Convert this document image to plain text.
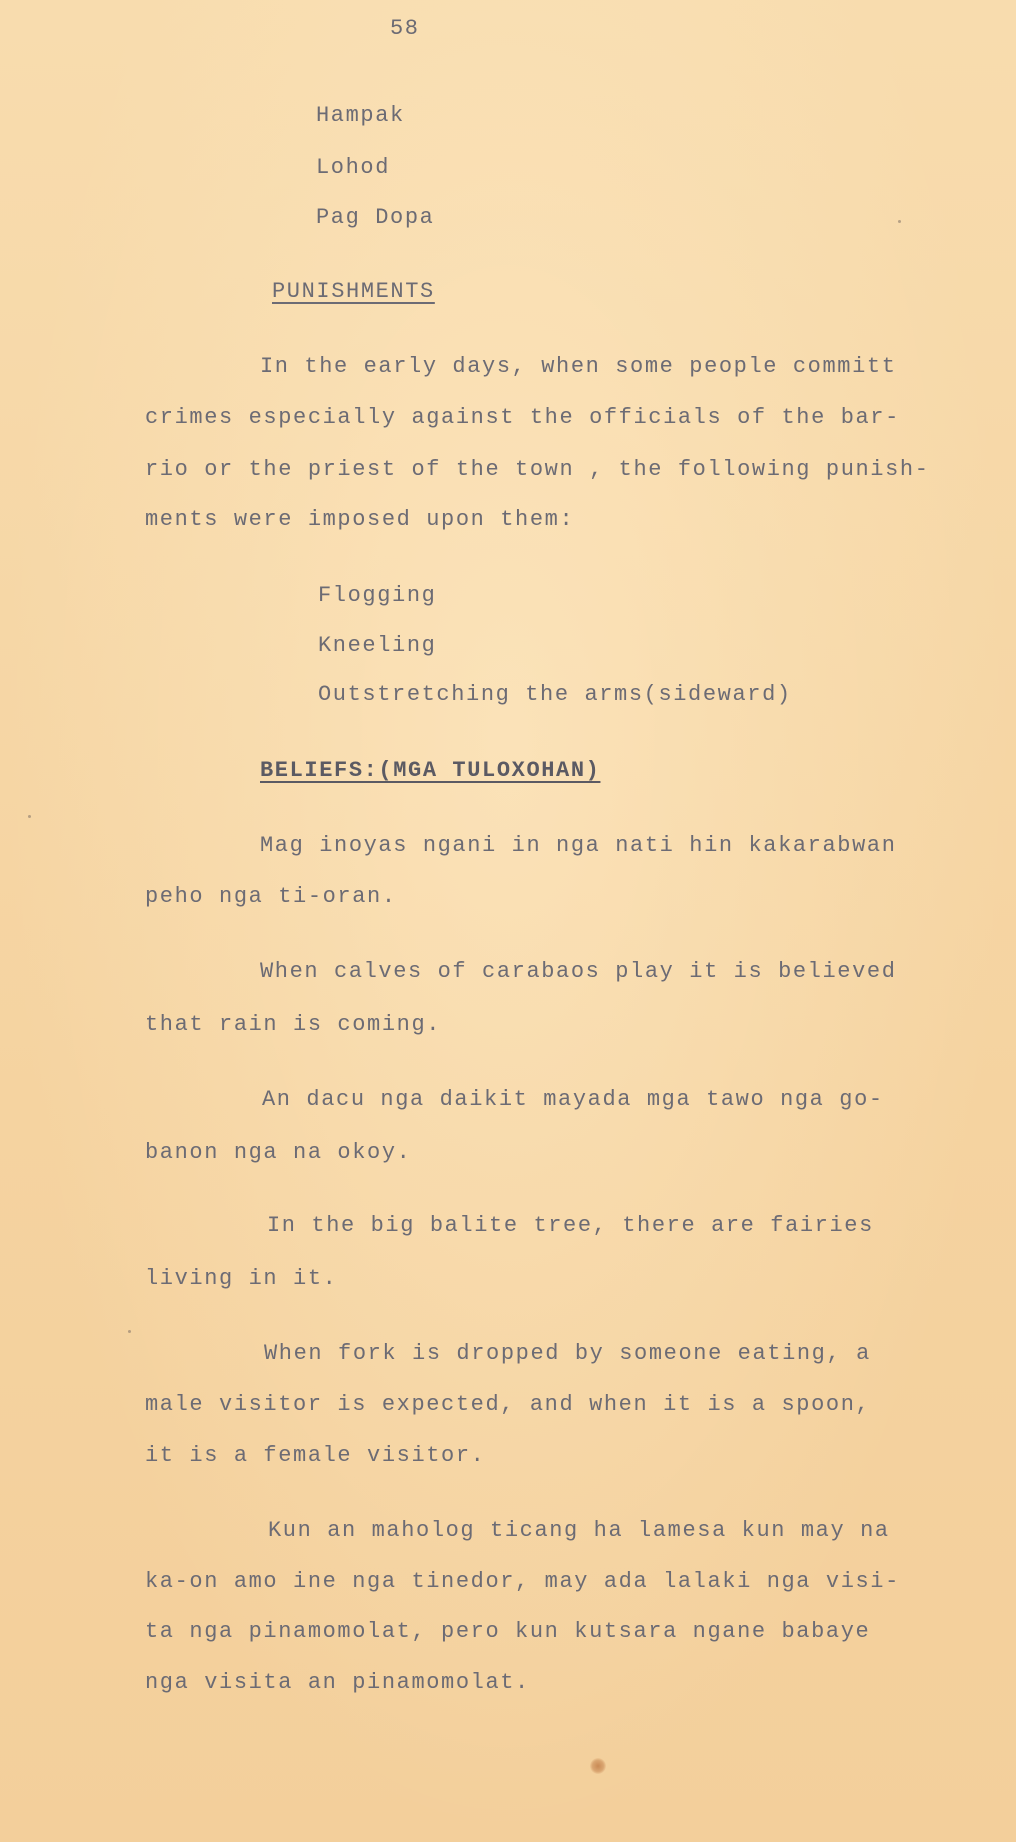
58
Hampak
Lohod
Pag Dopa
PUNISHMENTS
In the early days, when some people committ
crimes especially against the officials of the bar-
rio or the priest of the town , the following punish-
ments were imposed upon them:
Flogging
Kneeling
Outstretching the arms(sideward)
BELIEFS:(MGA TULOXOHAN)
Mag inoyas ngani in nga nati hin kakarabwan
peho nga ti-oran.
When calves of carabaos play it is believed
that rain is coming.
An dacu nga daikit mayada mga tawo nga go-
banon nga na okoy.
In the big balite tree, there are fairies
living in it.
When fork is dropped by someone eating, a
male visitor is expected, and when it is a spoon,
it is a female visitor.
Kun an maholog ticang ha lamesa kun may na
ka-on amo ine nga tinedor, may ada lalaki nga visi-
ta nga pinamomolat, pero kun kutsara ngane babaye
nga visita an pinamomolat.
